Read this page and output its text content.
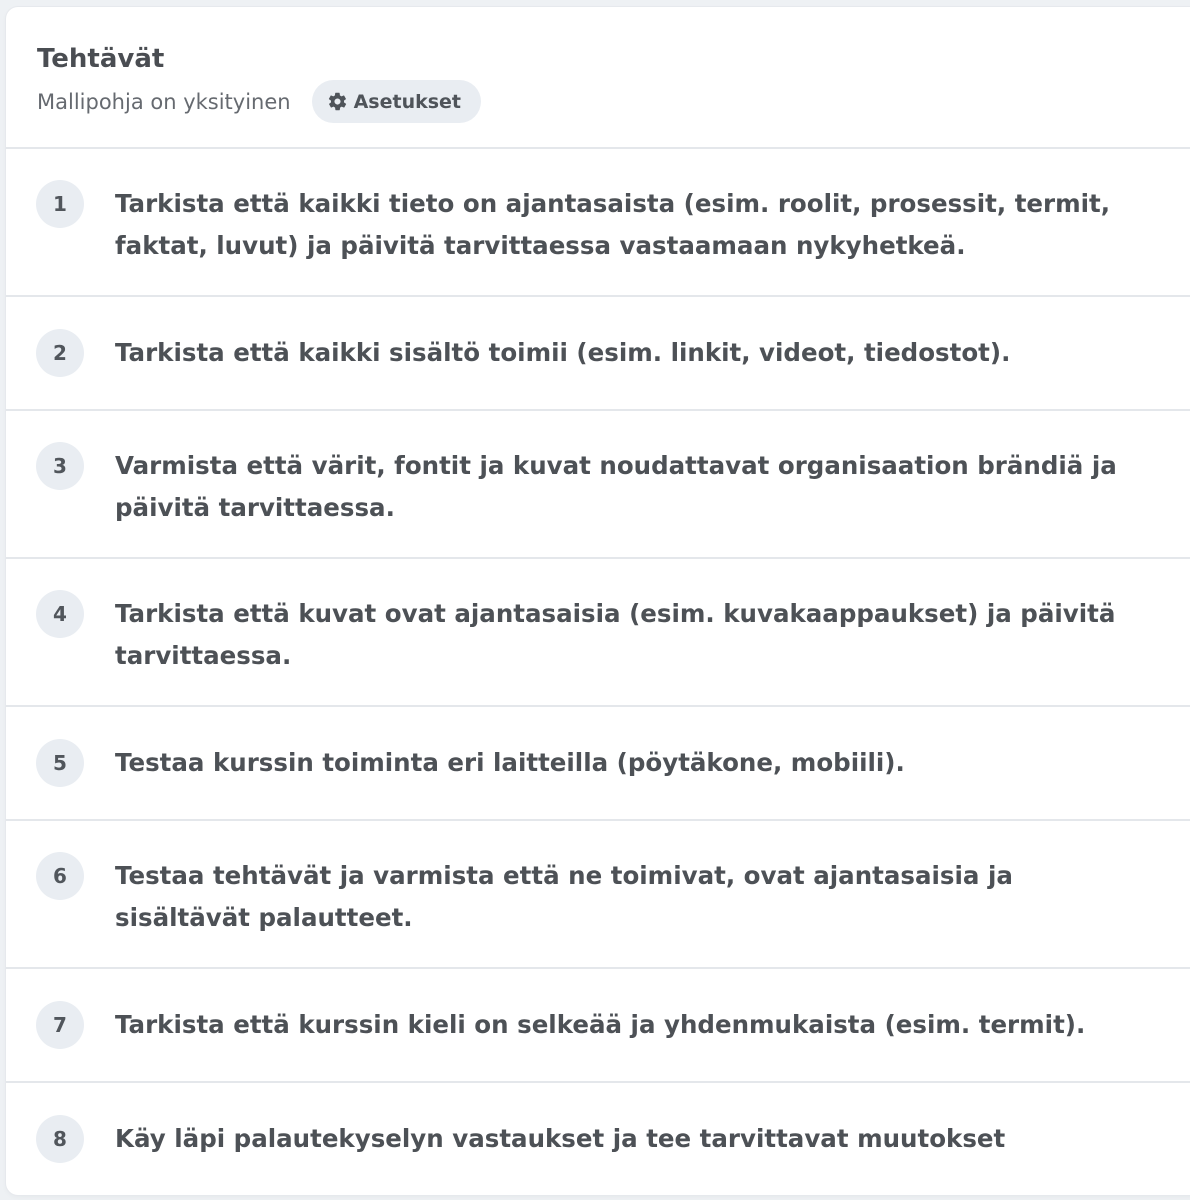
Tehtävät
Mallipohja on yksityinen	Asetukset
1	Tarkista että kaikki tieto on ajantasaista (esim. roolit, prosessit, termit, faktat, luvut) ja päivitä tarvittaessa vastaamaan nykyhetkeä.
2	Tarkista että kaikki sisältö toimii (esim. linkit, videot, tiedostot).
3	Varmista että värit, fontit ja kuvat noudattavat organisaation brändiä ja päivitä tarvittaessa.
4	Tarkista että kuvat ovat ajantasaisia (esim. kuvakaappaukset) ja päivitä tarvittaessa.
5	Testaa kurssin toiminta eri laitteilla (pöytäkone, mobiili).
6	Testaa tehtävät ja varmista että ne toimivat, ovat ajantasaisia ja sisältävät palautteet.
7	Tarkista että kurssin kieli on selkeää ja yhdenmukaista (esim. termit).
8	Käy läpi palautekyselyn vastaukset ja tee tarvittavat muutokset
